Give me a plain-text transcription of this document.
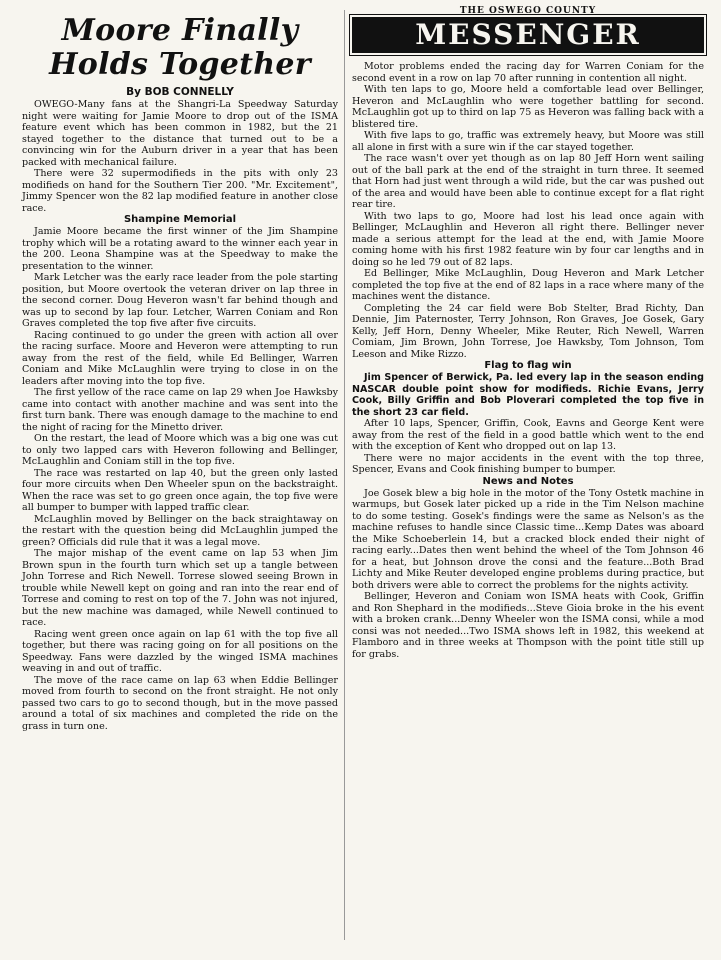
Moore Finally Holds Together
By BOB CONNELLY
OWEGO-Many fans at the Shangri-La Speedway Saturday night were waiting for Jamie Moore to drop out of the ISMA feature event which has been common in 1982, but the 21 stayed together to the distance that turned out to be a convincing win for the Auburn driver in a year that has been packed with mechanical failure.
There were 32 supermodifieds in the pits with only 23 modifieds on hand for the Southern Tier 200. "Mr. Excitement", Jimmy Spencer won the 82 lap modified feature in another close race.
Shampine Memorial
Jamie Moore became the first winner of the Jim Shampine trophy which will be a rotating award to the winner each year in the 200. Leona Shampine was at the Speedway to make the presentation to the winner.
Mark Letcher was the early race leader from the pole starting position, but Moore overtook the veteran driver on lap three in the second corner. Doug Heveron wasn't far behind though and was up to second by lap four. Letcher, Warren Coniam and Ron Graves completed the top five after five circuits.
Racing continued to go under the green with action all over the racing surface. Moore and Heveron were attempting to run away from the rest of the field, while Ed Bellinger, Warren Coniam and Mike McLaughlin were trying to close in on the leaders after moving into the top five.
The first yellow of the race came on lap 29 when Joe Hawksby came into contact with another machine and was sent into the first turn bank. There was enough damage to the machine to end the night of racing for the Minetto driver.
On the restart, the lead of Moore which was a big one was cut to only two lapped cars with Heveron following and Bellinger, McLaughlin and Coniam still in the top five.
The race was restarted on lap 40, but the green only lasted four more circuits when Den Wheeler spun on the backstraight. When the race was set to go green once again, the top five were all bumper to bumper with lapped traffic clear.
McLaughlin moved by Bellinger on the back straightaway on the restart with the question being did McLaughlin jumped the green? Officials did rule that it was a legal move.
The major mishap of the event came on lap 53 when Jim Brown spun in the fourth turn which set up a tangle between John Torrese and Rich Newell. Torrese slowed seeing Brown in trouble while Newell kept on going and ran into the rear end of Torrese and coming to rest on top of the 7. John was not injured, but the new machine was damaged, while Newell continued to race.
Racing went green once again on lap 61 with the top five all together, but there was racing going on for all positions on the Speedway. Fans were dazzled by the winged ISMA machines weaving in and out of traffic.
The move of the race came on lap 63 when Eddie Bellinger moved from fourth to second on the front straight. He not only passed two cars to go to second though, but in the move passed around a total of six machines and completed the ride on the grass in turn one.
THE OSWEGO COUNTY
MESSENGER
Motor problems ended the racing day for Warren Coniam for the second event in a row on lap 70 after running in contention all night.
With ten laps to go, Moore held a comfortable lead over Bellinger, Heveron and McLaughlin who were together battling for second. McLaughlin got up to third on lap 75 as Heveron was falling back with a blistered tire.
With five laps to go, traffic was extremely heavy, but Moore was still all alone in first with a sure win if the car stayed together.
The race wasn't over yet though as on lap 80 Jeff Horn went sailing out of the ball park at the end of the straight in turn three. It seemed that Horn had just went through a wild ride, but the car was pushed out of the area and would have been able to continue except for a flat right rear tire.
With two laps to go, Moore had lost his lead once again with Bellinger, McLaughlin and Heveron all right there. Bellinger never made a serious attempt for the lead at the end, with Jamie Moore coming home with his first 1982 feature win by four car lengths and in doing so he led 79 out of 82 laps.
Ed Bellinger, Mike McLaughlin, Doug Heveron and Mark Letcher completed the top five at the end of 82 laps in a race where many of the machines went the distance.
Completing the 24 car field were Bob Stelter, Brad Richty, Dan Dennie, Jim Paternoster, Terry Johnson, Ron Graves, Joe Gosek, Gary Kelly, Jeff Horn, Denny Wheeler, Mike Reuter, Rich Newell, Warren Comiam, Jim Brown, John Torrese, Joe Hawksby, Tom Johnson, Tom Leeson and Mike Rizzo.
Flag to flag win
Jim Spencer of Berwick, Pa. led every lap in the season ending NASCAR double point show for modifieds. Richie Evans, Jerry Cook, Billy Griffin and Bob Ploverari completed the top five in the short 23 car field.
After 10 laps, Spencer, Griffin, Cook, Eavns and George Kent were away from the rest of the field in a good battle which went to the end with the exception of Kent who dropped out on lap 13.
There were no major accidents in the event with the top three, Spencer, Evans and Cook finishing bumper to bumper.
News and Notes
Joe Gosek blew a big hole in the motor of the Tony Ostetk machine in warmups, but Gosek later picked up a ride in the Tim Nelson machine to do some testing. Gosek's findings were the same as Nelson's as the machine refuses to handle since Classic time...Kemp Dates was aboard the Mike Schoeberlein 14, but a cracked block ended their night of racing early...Dates then went behind the wheel of the Tom Johnson 46 for a heat, but Johnson drove the consi and the feature...Both Brad Lichty and Mike Reuter developed engine problems during practice, but both drivers were able to correct the problems for the nights activity.
Bellinger, Heveron and Coniam won ISMA heats with Cook, Griffin and Ron Shephard in the modifieds...Steve Gioia broke in the his event with a broken crank...Denny Wheeler won the ISMA consi, while a mod consi was not needed...Two ISMA shows left in 1982, this weekend at Flamboro and in three weeks at Thompson with the point title still up for grabs.
